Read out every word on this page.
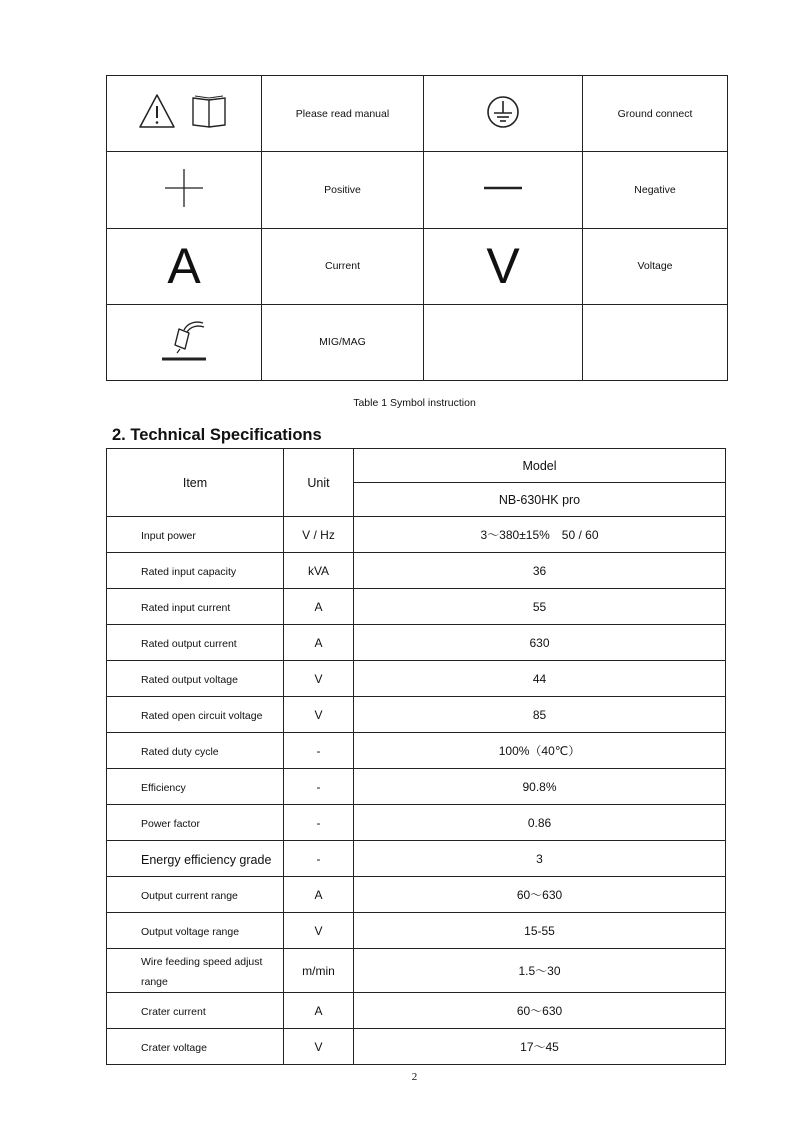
	Please read manual		Ground connect
	Positive		Negative
A	Current	V	Voltage
	MIG/MAG		
Table 1 Symbol instruction
2. Technical Specifications
Item	Unit	Model
		NB-630HK pro
Input power	V / Hz	3～380±15%　50 / 60
Rated input capacity	kVA	36
Rated input current	A	55
Rated output current	A	630
Rated output voltage	V	44
Rated open circuit voltage	V	85
Rated duty cycle	-	100%（40℃）
Efficiency	-	90.8%
Power factor	-	0.86
Energy efficiency grade	-	3
Output current range	A	60～630
Output voltage range	V	15-55
Wire feeding speed adjust range	m/min	1.5～30
Crater current	A	60～630
Crater voltage	V	17～45
2
